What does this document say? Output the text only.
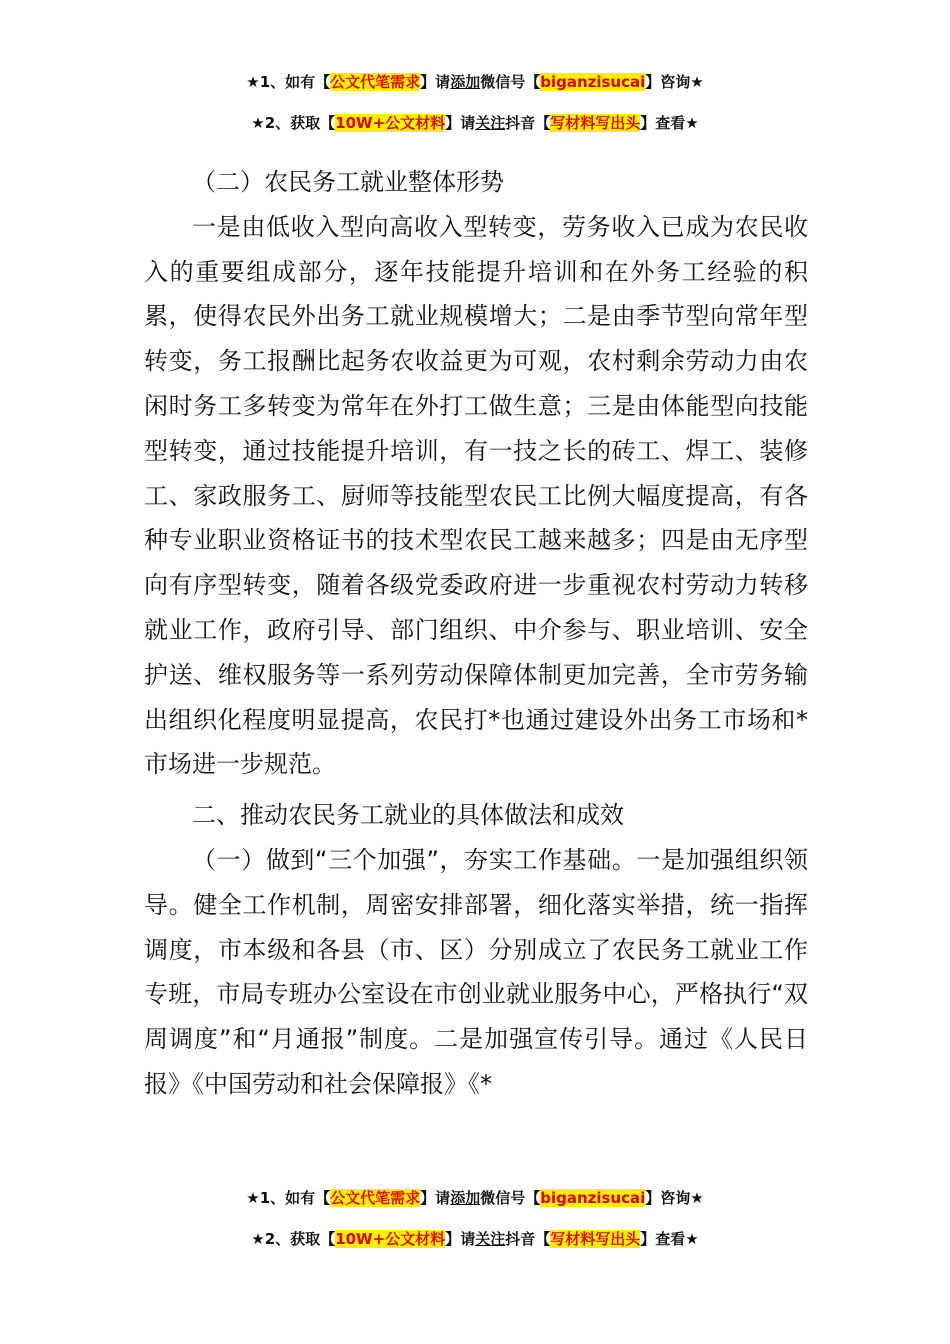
★1、如有【公文代笔需求】请添加微信号【biganzisucai】咨询★
★2、获取【10W+公文材料】请关注抖音【写材料写出头】查看★

（二）农民务工就业整体形势

一是由低收入型向高收入型转变，劳务收入已成为农民收入的重要组成部分，逐年技能提升培训和在外务工经验的积累，使得农民外出务工就业规模增大；二是由季节型向常年型转变，务工报酬比起务农收益更为可观，农村剩余劳动力由农闲时务工多转变为常年在外打工做生意；三是由体能型向技能型转变，通过技能提升培训，有一技之长的砖工、焊工、装修工、家政服务工、厨师等技能型农民工比例大幅度提高，有各种专业职业资格证书的技术型农民工越来越多；四是由无序型向有序型转变，随着各级党委政府进一步重视农村劳动力转移就业工作，政府引导、部门组织、中介参与、职业培训、安全护送、维权服务等一系列劳动保障体制更加完善，全市劳务输出组织化程度明显提高，农民打*也通过建设外出务工市场和*市场进一步规范。

二、推动农民务工就业的具体做法和成效

（一）做到“三个加强”，夯实工作基础。一是加强组织领导。健全工作机制，周密安排部署，细化落实举措，统一指挥调度，市本级和各县（市、区）分别成立了农民务工就业工作专班，市局专班办公室设在市创业就业服务中心，严格执行“双周调度”和“月通报”制度。二是加强宣传引导。通过《人民日报》《中国劳动和社会保障报》《*

★1、如有【公文代笔需求】请添加微信号【biganzisucai】咨询★
★2、获取【10W+公文材料】请关注抖音【写材料写出头】查看★
